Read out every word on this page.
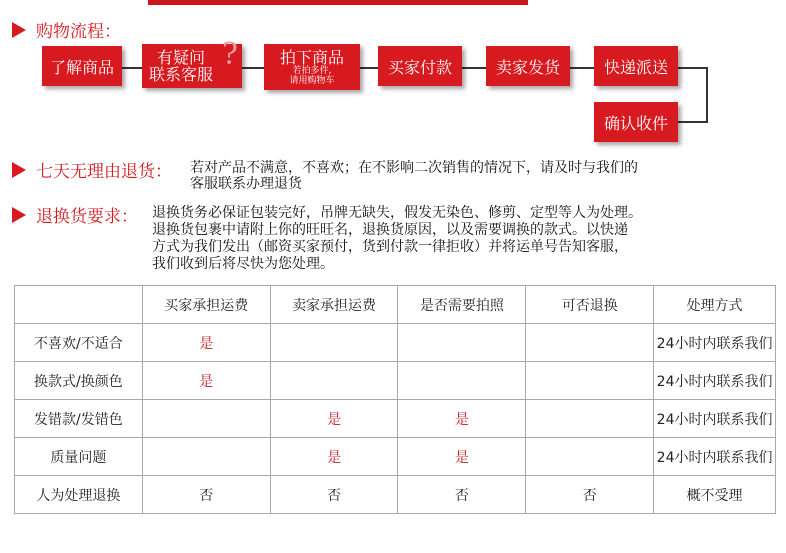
购物流程：
了解商品	有疑问
联系客服
?	拍下商品
若拍多件,
请用购物车
买家付款	卖家发货	快递派送
确认收件
七天无理由退货： 若对产品不满意，不喜欢；在不影响二次销售的情况下，请及时与我们的
客服联系办理退货
退换货要求： 退换货务必保证包装完好，吊牌无缺失，假发无染色、修剪、定型等人为处理。
退换货包裹中请附上你的旺旺名，退换货原因，以及需要调换的款式。以快递
方式为我们发出（邮资买家预付，货到付款一律拒收）并将运单号告知客服，
我们收到后将尽快为您处理。
	买家承担运费	卖家承担运费	是否需要拍照	可否退换	处理方式
不喜欢/不适合	是				24小时内联系我们
换款式/换颜色	是				24小时内联系我们
发错款/发错色		是	是		24小时内联系我们
质量问题		是	是		24小时内联系我们
人为处理退换	否	否	否	否	概不受理
